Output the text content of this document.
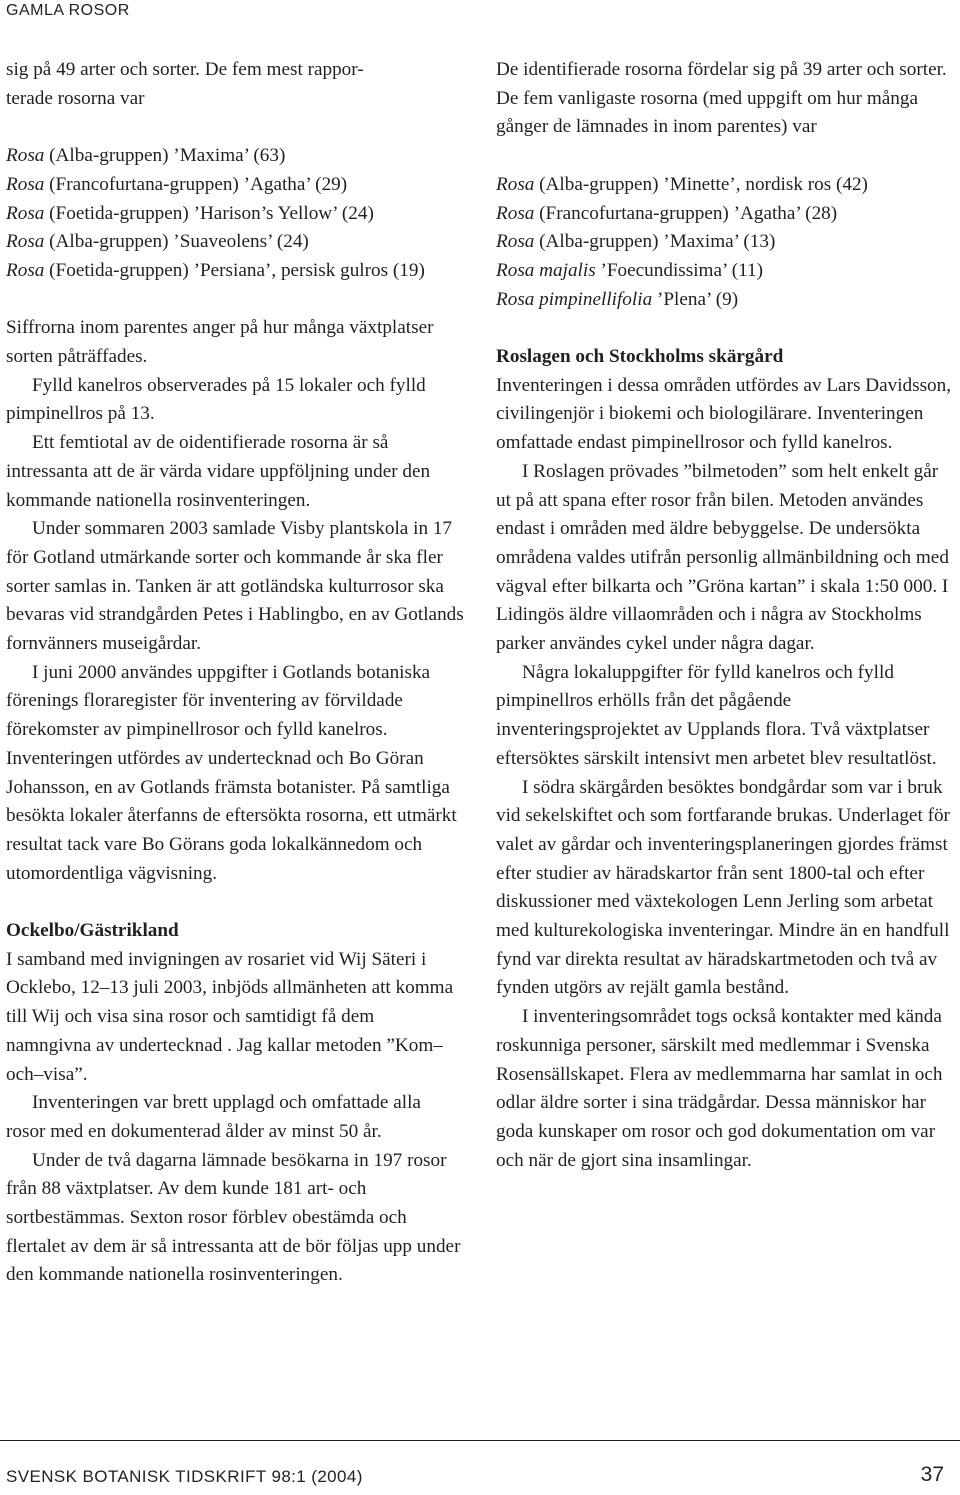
GAMLA ROSOR

sig på 49 arter och sorter. De fem mest rappor-

terade rosorna var

Rosa (Alba-gruppen) ’Maxima’ (63)
Rosa (Francofurtana-gruppen) ’Agatha’ (29)
Rosa (Foetida-gruppen) ’Harison’s Yellow’ (24)
Rosa (Alba-gruppen) ’Suaveolens’ (24)
Rosa (Foetida-gruppen) ’Persiana’, persisk gulros (19)

Siffrorna inom parentes anger på hur många växtplatser sorten påträffades.

Fylld kanelros observerades på 15 lokaler och fylld pimpinellros på 13.

Ett femtiotal av de oidentifierade rosorna är så intressanta att de är värda vidare uppföljning under den kommande nationella rosinventeringen.

Under sommaren 2003 samlade Visby plantskola in 17 för Gotland utmärkande sorter och kommande år ska fler sorter samlas in. Tanken är att gotländska kulturrosor ska bevaras vid strandgården Petes i Hablingbo, en av Gotlands fornvänners museigårdar.

I juni 2000 användes uppgifter i Gotlands botaniska förenings floraregister för inventering av förvildade förekomster av pimpinellrosor och fylld kanelros. Inventeringen utfördes av undertecknad och Bo Göran Johansson, en av Gotlands främsta botanister. På samtliga besökta lokaler återfanns de eftersökta rosorna, ett utmärkt resultat tack vare Bo Görans goda lokalkännedom och utomordentliga vägvisning.

Ockelbo/Gästrikland

I samband med invigningen av rosariet vid Wij Säteri i Ocklebo, 12–13 juli 2003, inbjöds allmänheten att komma till Wij och visa sina rosor och samtidigt få dem namngivna av undertecknad . Jag kallar metoden ”Kom–och–visa”.

Inventeringen var brett upplagd och omfattade alla rosor med en dokumenterad ålder av minst 50 år.

Under de två dagarna lämnade besökarna in 197 rosor från 88 växtplatser. Av dem kunde 181 art- och sortbestämmas. Sexton rosor förblev obestämda och flertalet av dem är så intressanta att de bör följas upp under den kommande nationella rosinventeringen.

De identifierade rosorna fördelar sig på 39 arter och sorter. De fem vanligaste rosorna (med uppgift om hur många gånger de lämnades in inom parentes) var

Rosa (Alba-gruppen) ’Minette’, nordisk ros (42)
Rosa (Francofurtana-gruppen) ’Agatha’ (28)
Rosa (Alba-gruppen) ’Maxima’ (13)
Rosa majalis ’Foecundissima’ (11)
Rosa pimpinellifolia ’Plena’ (9)
Roslagen och Stockholms skärgård

Inventeringen i dessa områden utfördes av Lars Davidsson, civilingenjör i biokemi och biologilärare. Inventeringen omfattade endast pimpinellrosor och fylld kanelros.

I Roslagen prövades ”bilmetoden” som helt enkelt går ut på att spana efter rosor från bilen. Metoden användes endast i områden med äldre bebyggelse. De undersökta områdena valdes utifrån personlig allmänbildning och med vägval efter bilkarta och ”Gröna kartan” i skala 1:50 000. I Lidingös äldre villaområden och i några av Stockholms parker användes cykel under några dagar.

Några lokaluppgifter för fylld kanelros och fylld pimpinellros erhölls från det pågående inventeringsprojektet av Upplands flora. Två växtplatser eftersöktes särskilt intensivt men arbetet blev resultatlöst.

I södra skärgården besöktes bondgårdar som var i bruk vid sekelskiftet och som fortfarande brukas. Underlaget för valet av gårdar och inventeringsplaneringen gjordes främst efter studier av häradskartor från sent 1800-tal och efter diskussioner med växtekologen Lenn Jerling som arbetat med kulturekologiska inventeringar. Mindre än en handfull fynd var direkta resultat av häradskartmetoden och två av fynden utgörs av rejält gamla bestånd.

I inventeringsområdet togs också kontakter med kända roskunniga personer, särskilt med medlemmar i Svenska Rosensällskapet. Flera av medlemmarna har samlat in och odlar äldre sorter i sina trädgårdar. Dessa människor har goda kunskaper om rosor och god dokumentation om var och när de gjort sina insamlingar.

SVENSK BOTANISK TIDSKRIFT 98:1 (2004)	37
